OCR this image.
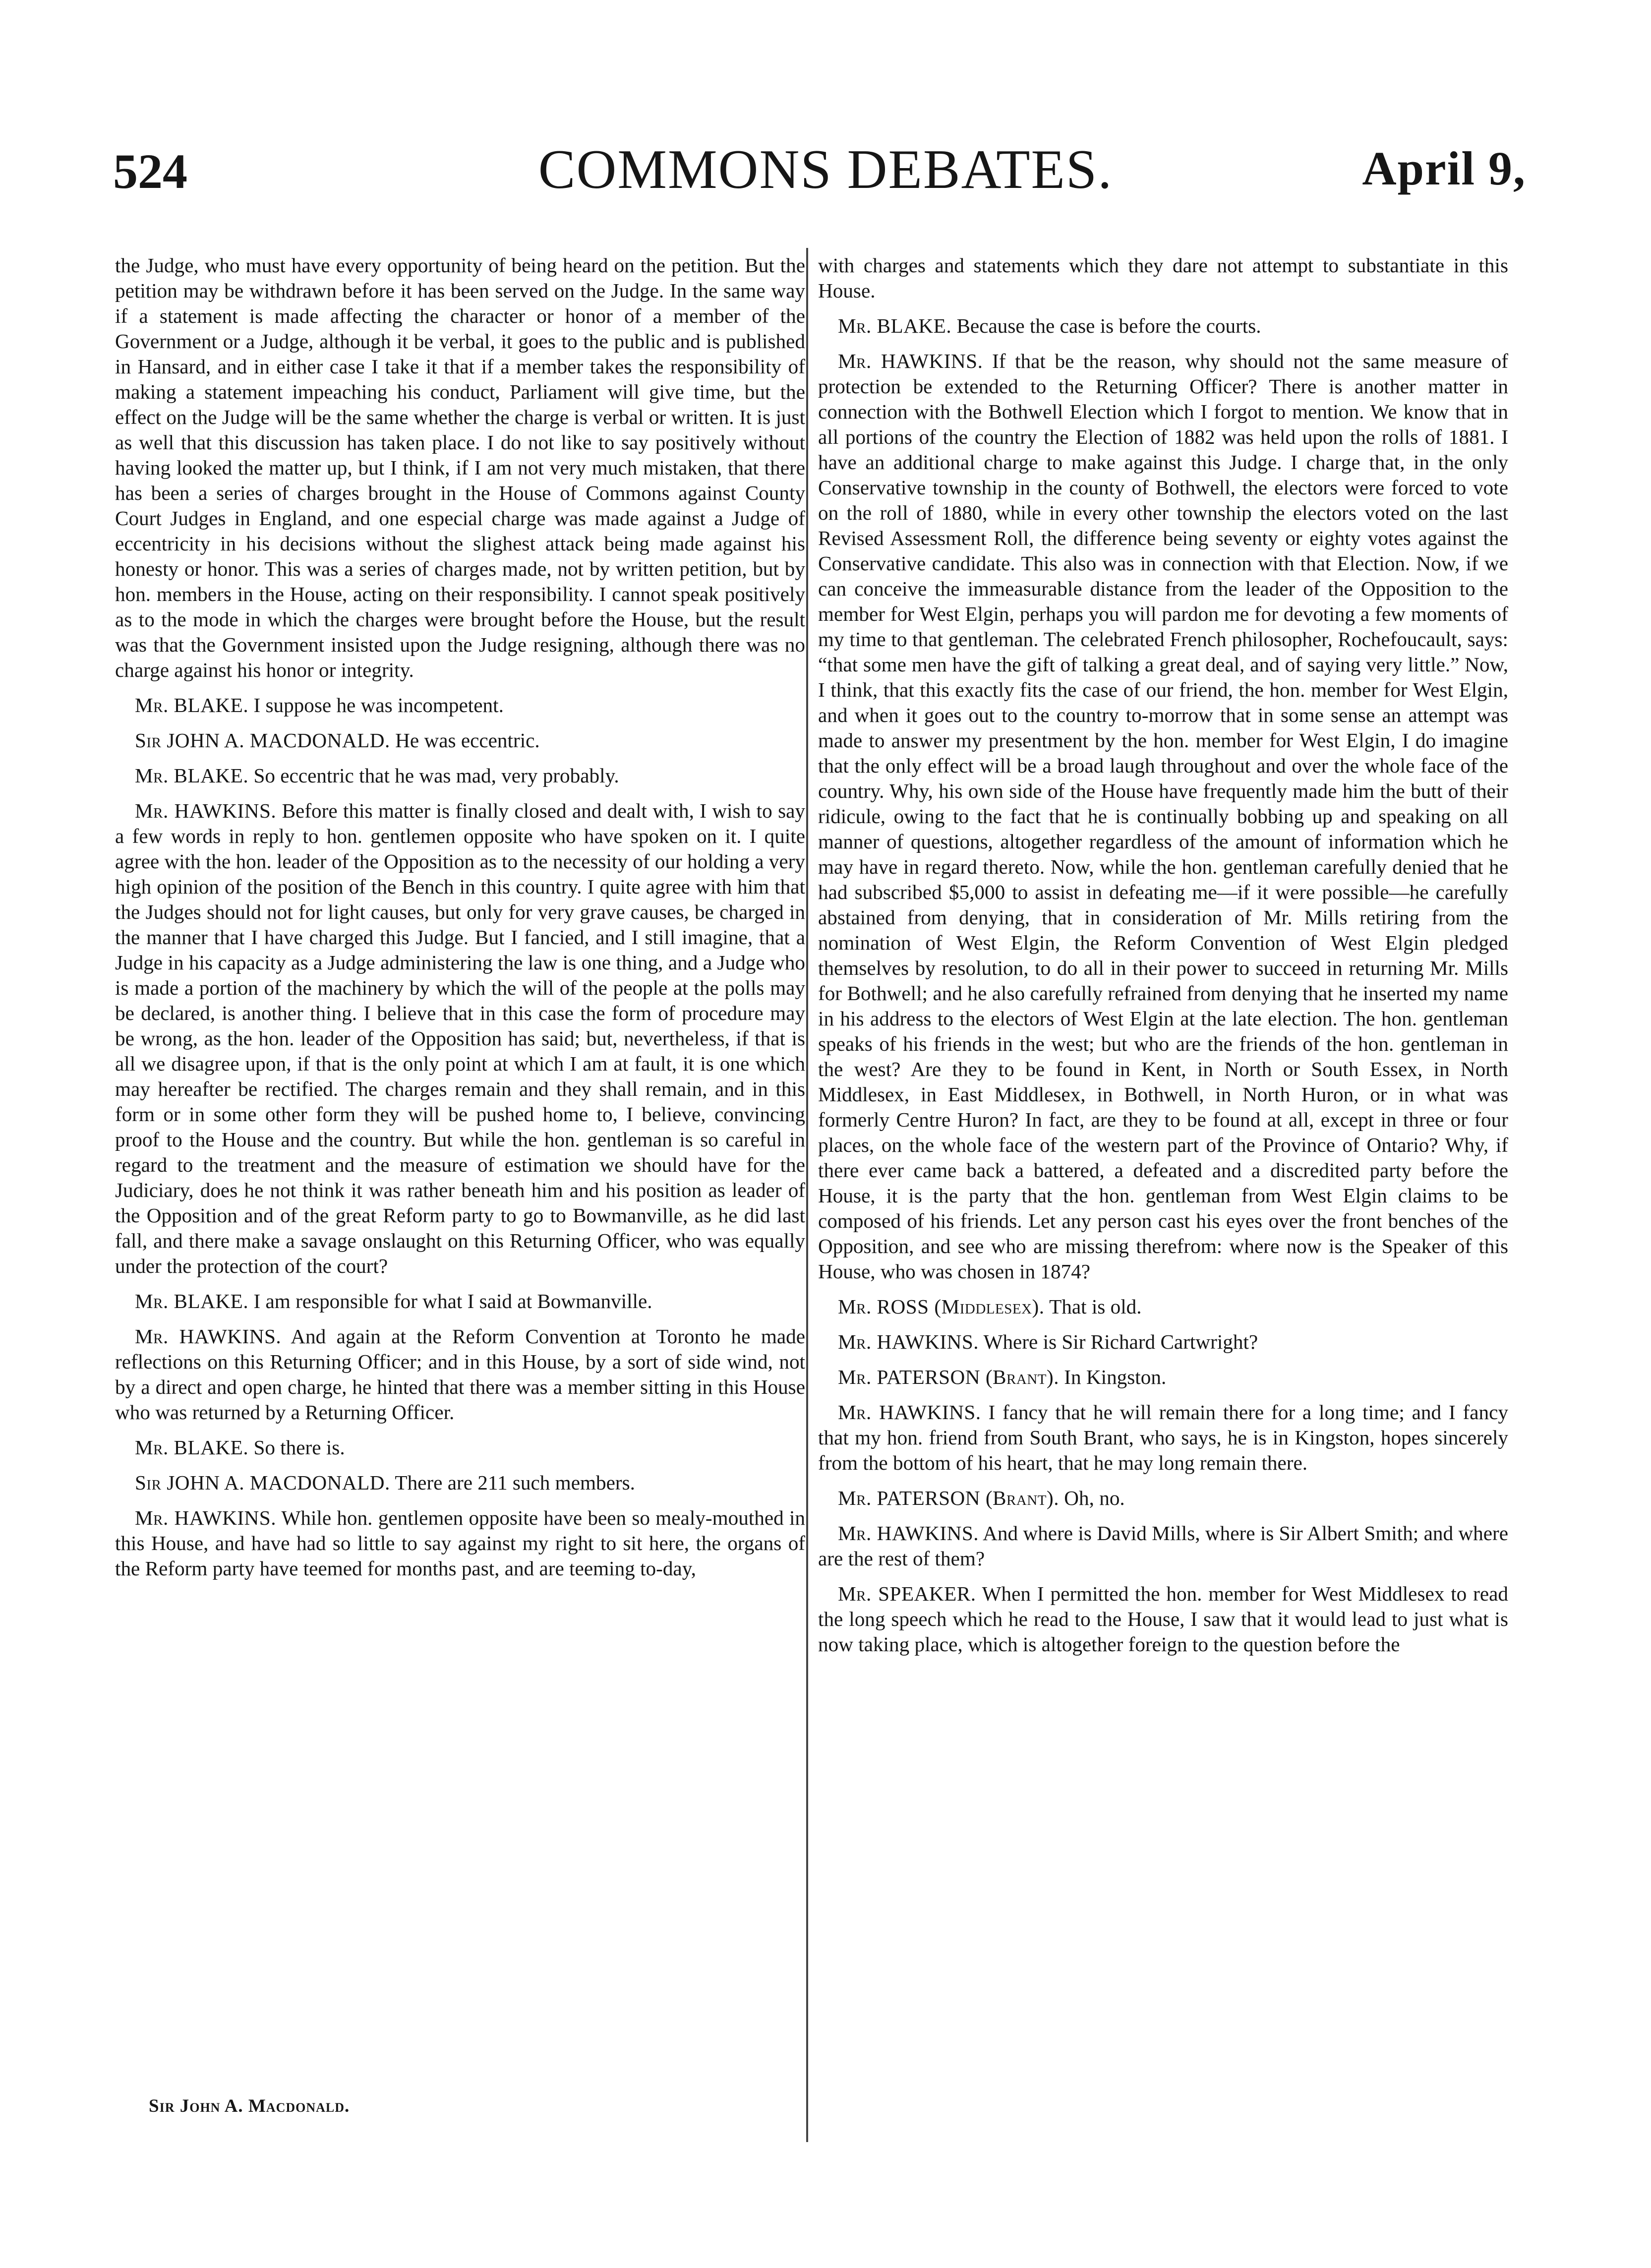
524	COMMONS DEBATES.	April 9,

the Judge, who must have every opportunity of being heard on the petition. But the petition may be withdrawn before it has been served on the Judge. In the same way if a statement is made affecting the character or honor of a member of the Government or a Judge, although it be verbal, it goes to the public and is published in Hansard, and in either case I take it that if a member takes the responsibility of making a statement impeaching his conduct, Parliament will give time, but the effect on the Judge will be the same whether the charge is verbal or written. It is just as well that this discussion has taken place. I do not like to say positively without having looked the matter up, but I think, if I am not very much mistaken, that there has been a series of charges brought in the House of Commons against County Court Judges in England, and one especial charge was made against a Judge of eccentricity in his decisions without the slighest attack being made against his honesty or honor. This was a series of charges made, not by written petition, but by hon. members in the House, acting on their responsibility. I cannot speak positively as to the mode in which the charges were brought before the House, but the result was that the Government insisted upon the Judge resigning, although there was no charge against his honor or integrity.

Mr. BLAKE. I suppose he was incompetent.

Sir JOHN A. MACDONALD. He was eccentric.

Mr. BLAKE. So eccentric that he was mad, very probably.

Mr. HAWKINS. Before this matter is finally closed and dealt with, I wish to say a few words in reply to hon. gentlemen opposite who have spoken on it. I quite agree with the hon. leader of the Opposition as to the necessity of our holding a very high opinion of the position of the Bench in this country. I quite agree with him that the Judges should not for light causes, but only for very grave causes, be charged in the manner that I have charged this Judge. But I fancied, and I still imagine, that a Judge in his capacity as a Judge administering the law is one thing, and a Judge who is made a portion of the machinery by which the will of the people at the polls may be declared, is another thing. I believe that in this case the form of procedure may be wrong, as the hon. leader of the Opposition has said; but, nevertheless, if that is all we disagree upon, if that is the only point at which I am at fault, it is one which may hereafter be rectified. The charges remain and they shall remain, and in this form or in some other form they will be pushed home to, I believe, convincing proof to the House and the country. But while the hon. gentleman is so careful in regard to the treatment and the measure of estimation we should have for the Judiciary, does he not think it was rather beneath him and his position as leader of the Opposition and of the great Reform party to go to Bowmanville, as he did last fall, and there make a savage onslaught on this Returning Officer, who was equally under the protection of the court?

Mr. BLAKE. I am responsible for what I said at Bowmanville.

Mr. HAWKINS. And again at the Reform Convention at Toronto he made reflections on this Returning Officer; and in this House, by a sort of side wind, not by a direct and open charge, he hinted that there was a member sitting in this House who was returned by a Returning Officer.

Mr. BLAKE. So there is.

Sir JOHN A. MACDONALD. There are 211 such members.

Mr. HAWKINS. While hon. gentlemen opposite have been so mealy-mouthed in this House, and have had so little to say against my right to sit here, the organs of the Reform party have teemed for months past, and are teeming to-day,

with charges and statements which they dare not attempt to substantiate in this House.

Mr. BLAKE. Because the case is before the courts.

Mr. HAWKINS. If that be the reason, why should not the same measure of protection be extended to the Returning Officer? There is another matter in connection with the Bothwell Election which I forgot to mention. We know that in all portions of the country the Election of 1882 was held upon the rolls of 1881. I have an additional charge to make against this Judge. I charge that, in the only Conservative township in the county of Bothwell, the electors were forced to vote on the roll of 1880, while in every other township the electors voted on the last Revised Assessment Roll, the difference being seventy or eighty votes against the Conservative candidate. This also was in connection with that Election. Now, if we can conceive the immeasurable distance from the leader of the Opposition to the member for West Elgin, perhaps you will pardon me for devoting a few moments of my time to that gentleman. The celebrated French philosopher, Rochefoucault, says: “that some men have the gift of talking a great deal, and of saying very little.” Now, I think, that this exactly fits the case of our friend, the hon. member for West Elgin, and when it goes out to the country to-morrow that in some sense an attempt was made to answer my presentment by the hon. member for West Elgin, I do imagine that the only effect will be a broad laugh throughout and over the whole face of the country. Why, his own side of the House have frequently made him the butt of their ridicule, owing to the fact that he is continually bobbing up and speaking on all manner of questions, altogether regardless of the amount of information which he may have in regard thereto. Now, while the hon. gentleman carefully denied that he had subscribed $5,000 to assist in defeating me—if it were possible—he carefully abstained from denying, that in consideration of Mr. Mills retiring from the nomination of West Elgin, the Reform Convention of West Elgin pledged themselves by resolution, to do all in their power to succeed in returning Mr. Mills for Bothwell; and he also carefully refrained from denying that he inserted my name in his address to the electors of West Elgin at the late election. The hon. gentleman speaks of his friends in the west; but who are the friends of the hon. gentleman in the west? Are they to be found in Kent, in North or South Essex, in North Middlesex, in East Middlesex, in Bothwell, in North Huron, or in what was formerly Centre Huron? In fact, are they to be found at all, except in three or four places, on the whole face of the western part of the Province of Ontario? Why, if there ever came back a battered, a defeated and a discredited party before the House, it is the party that the hon. gentleman from West Elgin claims to be composed of his friends. Let any person cast his eyes over the front benches of the Opposition, and see who are missing therefrom: where now is the Speaker of this House, who was chosen in 1874?

Mr. ROSS (Middlesex). That is old.

Mr. HAWKINS. Where is Sir Richard Cartwright?

Mr. PATERSON (Brant). In Kingston.

Mr. HAWKINS. I fancy that he will remain there for a long time; and I fancy that my hon. friend from South Brant, who says, he is in Kingston, hopes sincerely from the bottom of his heart, that he may long remain there.

Mr. PATERSON (Brant). Oh, no.

Mr. HAWKINS. And where is David Mills, where is Sir Albert Smith; and where are the rest of them?

Mr. SPEAKER. When I permitted the hon. member for West Middlesex to read the long speech which he read to the House, I saw that it would lead to just what is now taking place, which is altogether foreign to the question before the

Sir John A. Macdonald.
